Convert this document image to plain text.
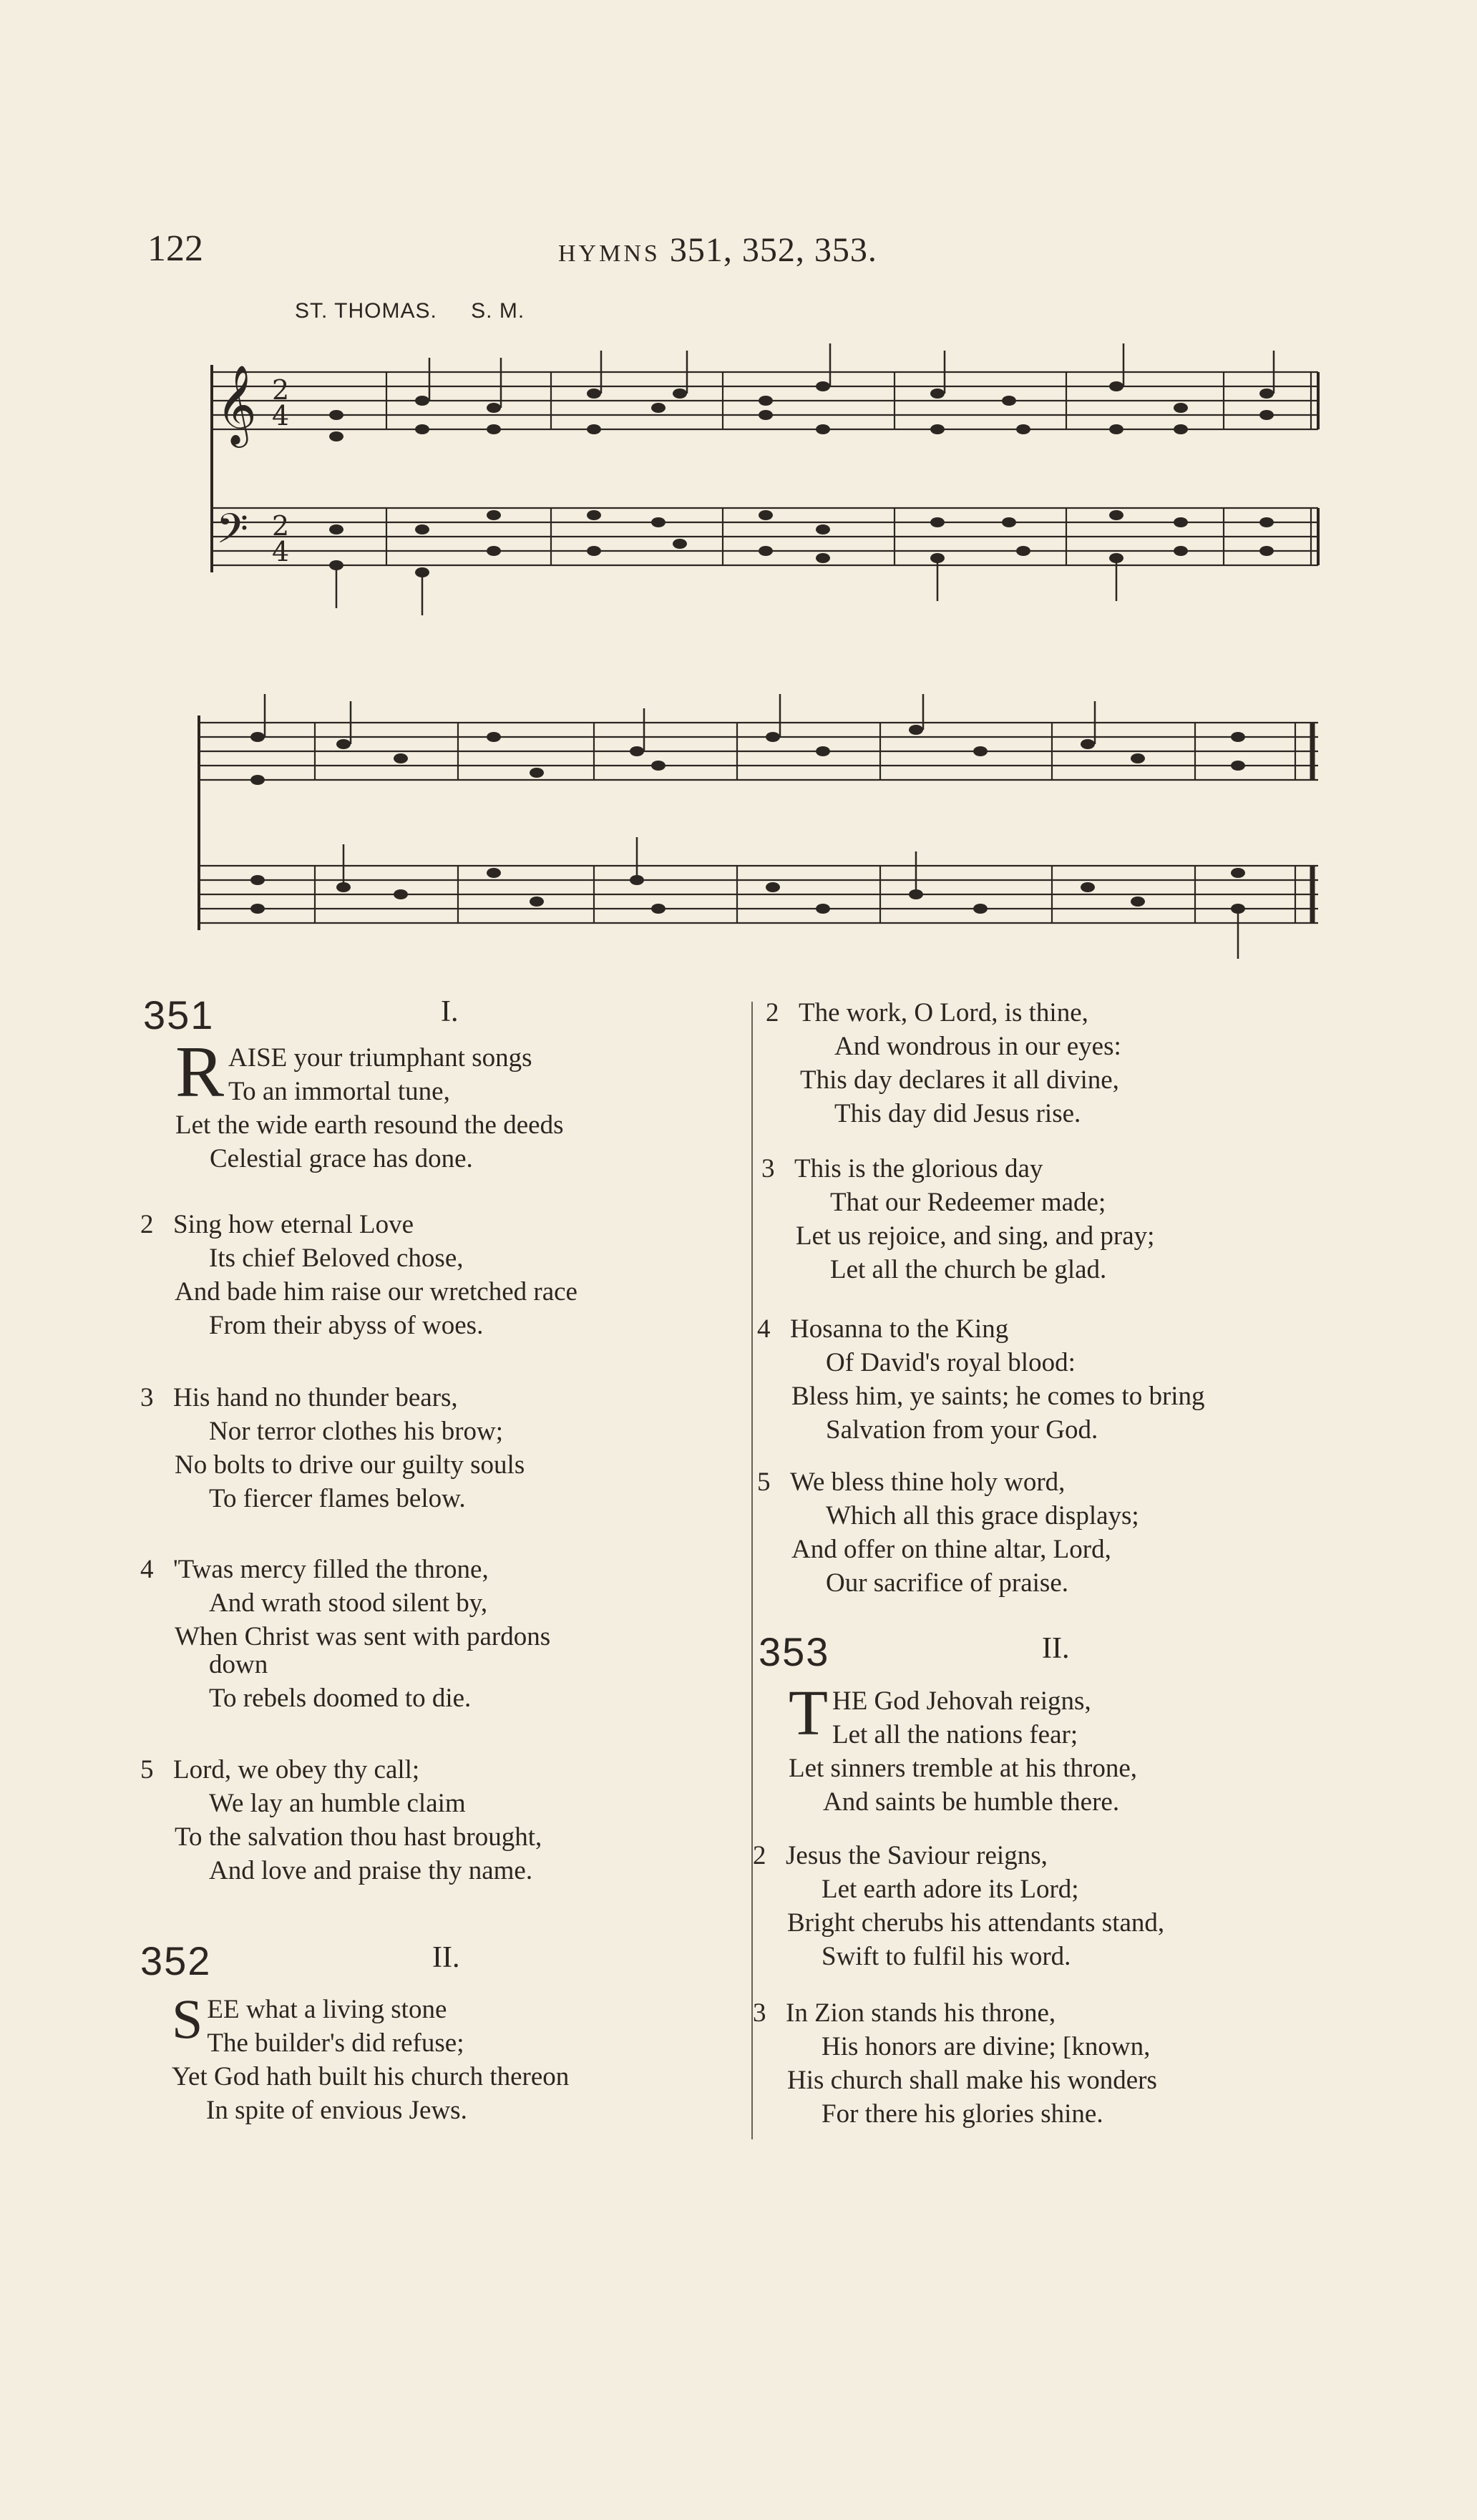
122	HYMNS 351, 352, 353.
ST. THOMAS. S. M.
𝄞
𝄢
2
4
2
4
351	I.
R AISE your triumphant songs
To an immortal tune,
Let the wide earth resound the deeds
Celestial grace has done.
2 Sing how eternal Love
Its chief Beloved chose,
And bade him raise our wretched race
From their abyss of woes.
3 His hand no thunder bears,
Nor terror clothes his brow;
No bolts to drive our guilty souls
To fiercer flames below.
4 'Twas mercy filled the throne,
And wrath stood silent by,
When Christ was sent with pardons
down
To rebels doomed to die.
5 Lord, we obey thy call;
We lay an humble claim
To the salvation thou hast brought,
And love and praise thy name.
352	II.
S EE what a living stone
The builder's did refuse;
Yet God hath built his church thereon
In spite of envious Jews.
2 The work, O Lord, is thine,
And wondrous in our eyes:
This day declares it all divine,
This day did Jesus rise.
3 This is the glorious day
That our Redeemer made;
Let us rejoice, and sing, and pray;
Let all the church be glad.
4 Hosanna to the King
Of David's royal blood:
Bless him, ye saints; he comes to bring
Salvation from your God.
5 We bless thine holy word,
Which all this grace displays;
And offer on thine altar, Lord,
Our sacrifice of praise.
353	II.
T HE God Jehovah reigns,
Let all the nations fear;
Let sinners tremble at his throne,
And saints be humble there.
2 Jesus the Saviour reigns,
Let earth adore its Lord;
Bright cherubs his attendants stand,
Swift to fulfil his word.
3 In Zion stands his throne,
His honors are divine; [known,
His church shall make his wonders
For there his glories shine.
